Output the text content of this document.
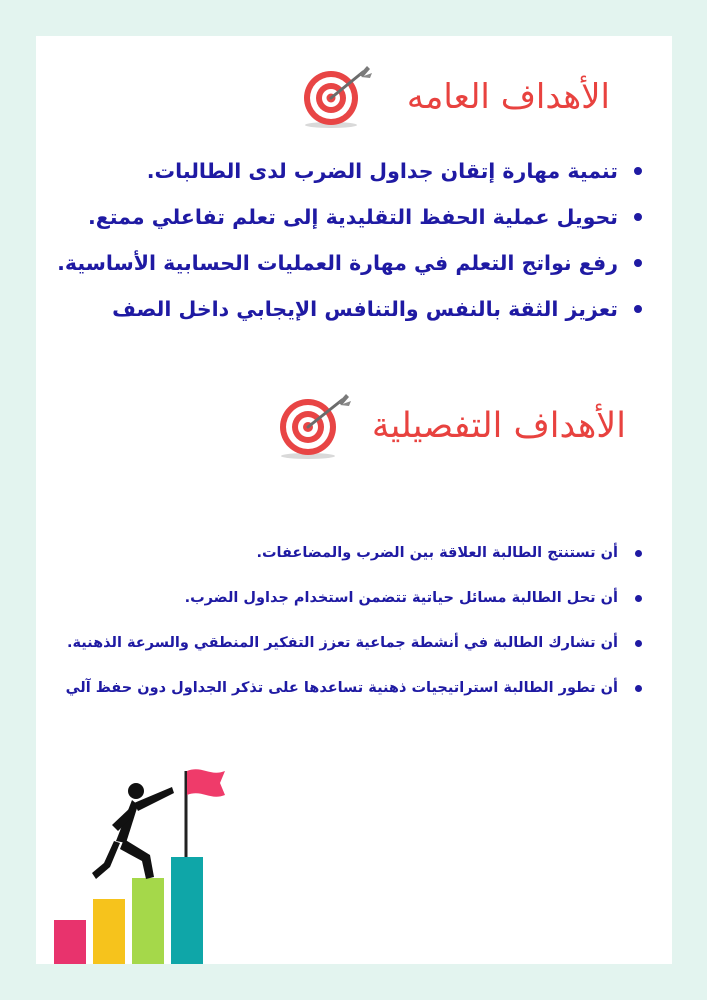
الأهداف العامه
تنمية مهارة إتقان جداول الضرب لدى الطالبات.
تحويل عملية الحفظ التقليدية إلى تعلم تفاعلي ممتع.
رفع نواتج التعلم في مهارة العمليات الحسابية الأساسية.
تعزيز الثقة بالنفس والتنافس الإيجابي داخل الصف
الأهداف التفصيلية
أن تستنتج الطالبة العلاقة بين الضرب والمضاعفات.
أن تحل الطالبة مسائل حياتية تتضمن استخدام جداول الضرب.
أن تشارك الطالبة في أنشطة جماعية تعزز التفكير المنطقي والسرعة الذهنية.
أن تطور الطالبة استراتيجيات ذهنية تساعدها على تذكر الجداول دون حفظ آلي
